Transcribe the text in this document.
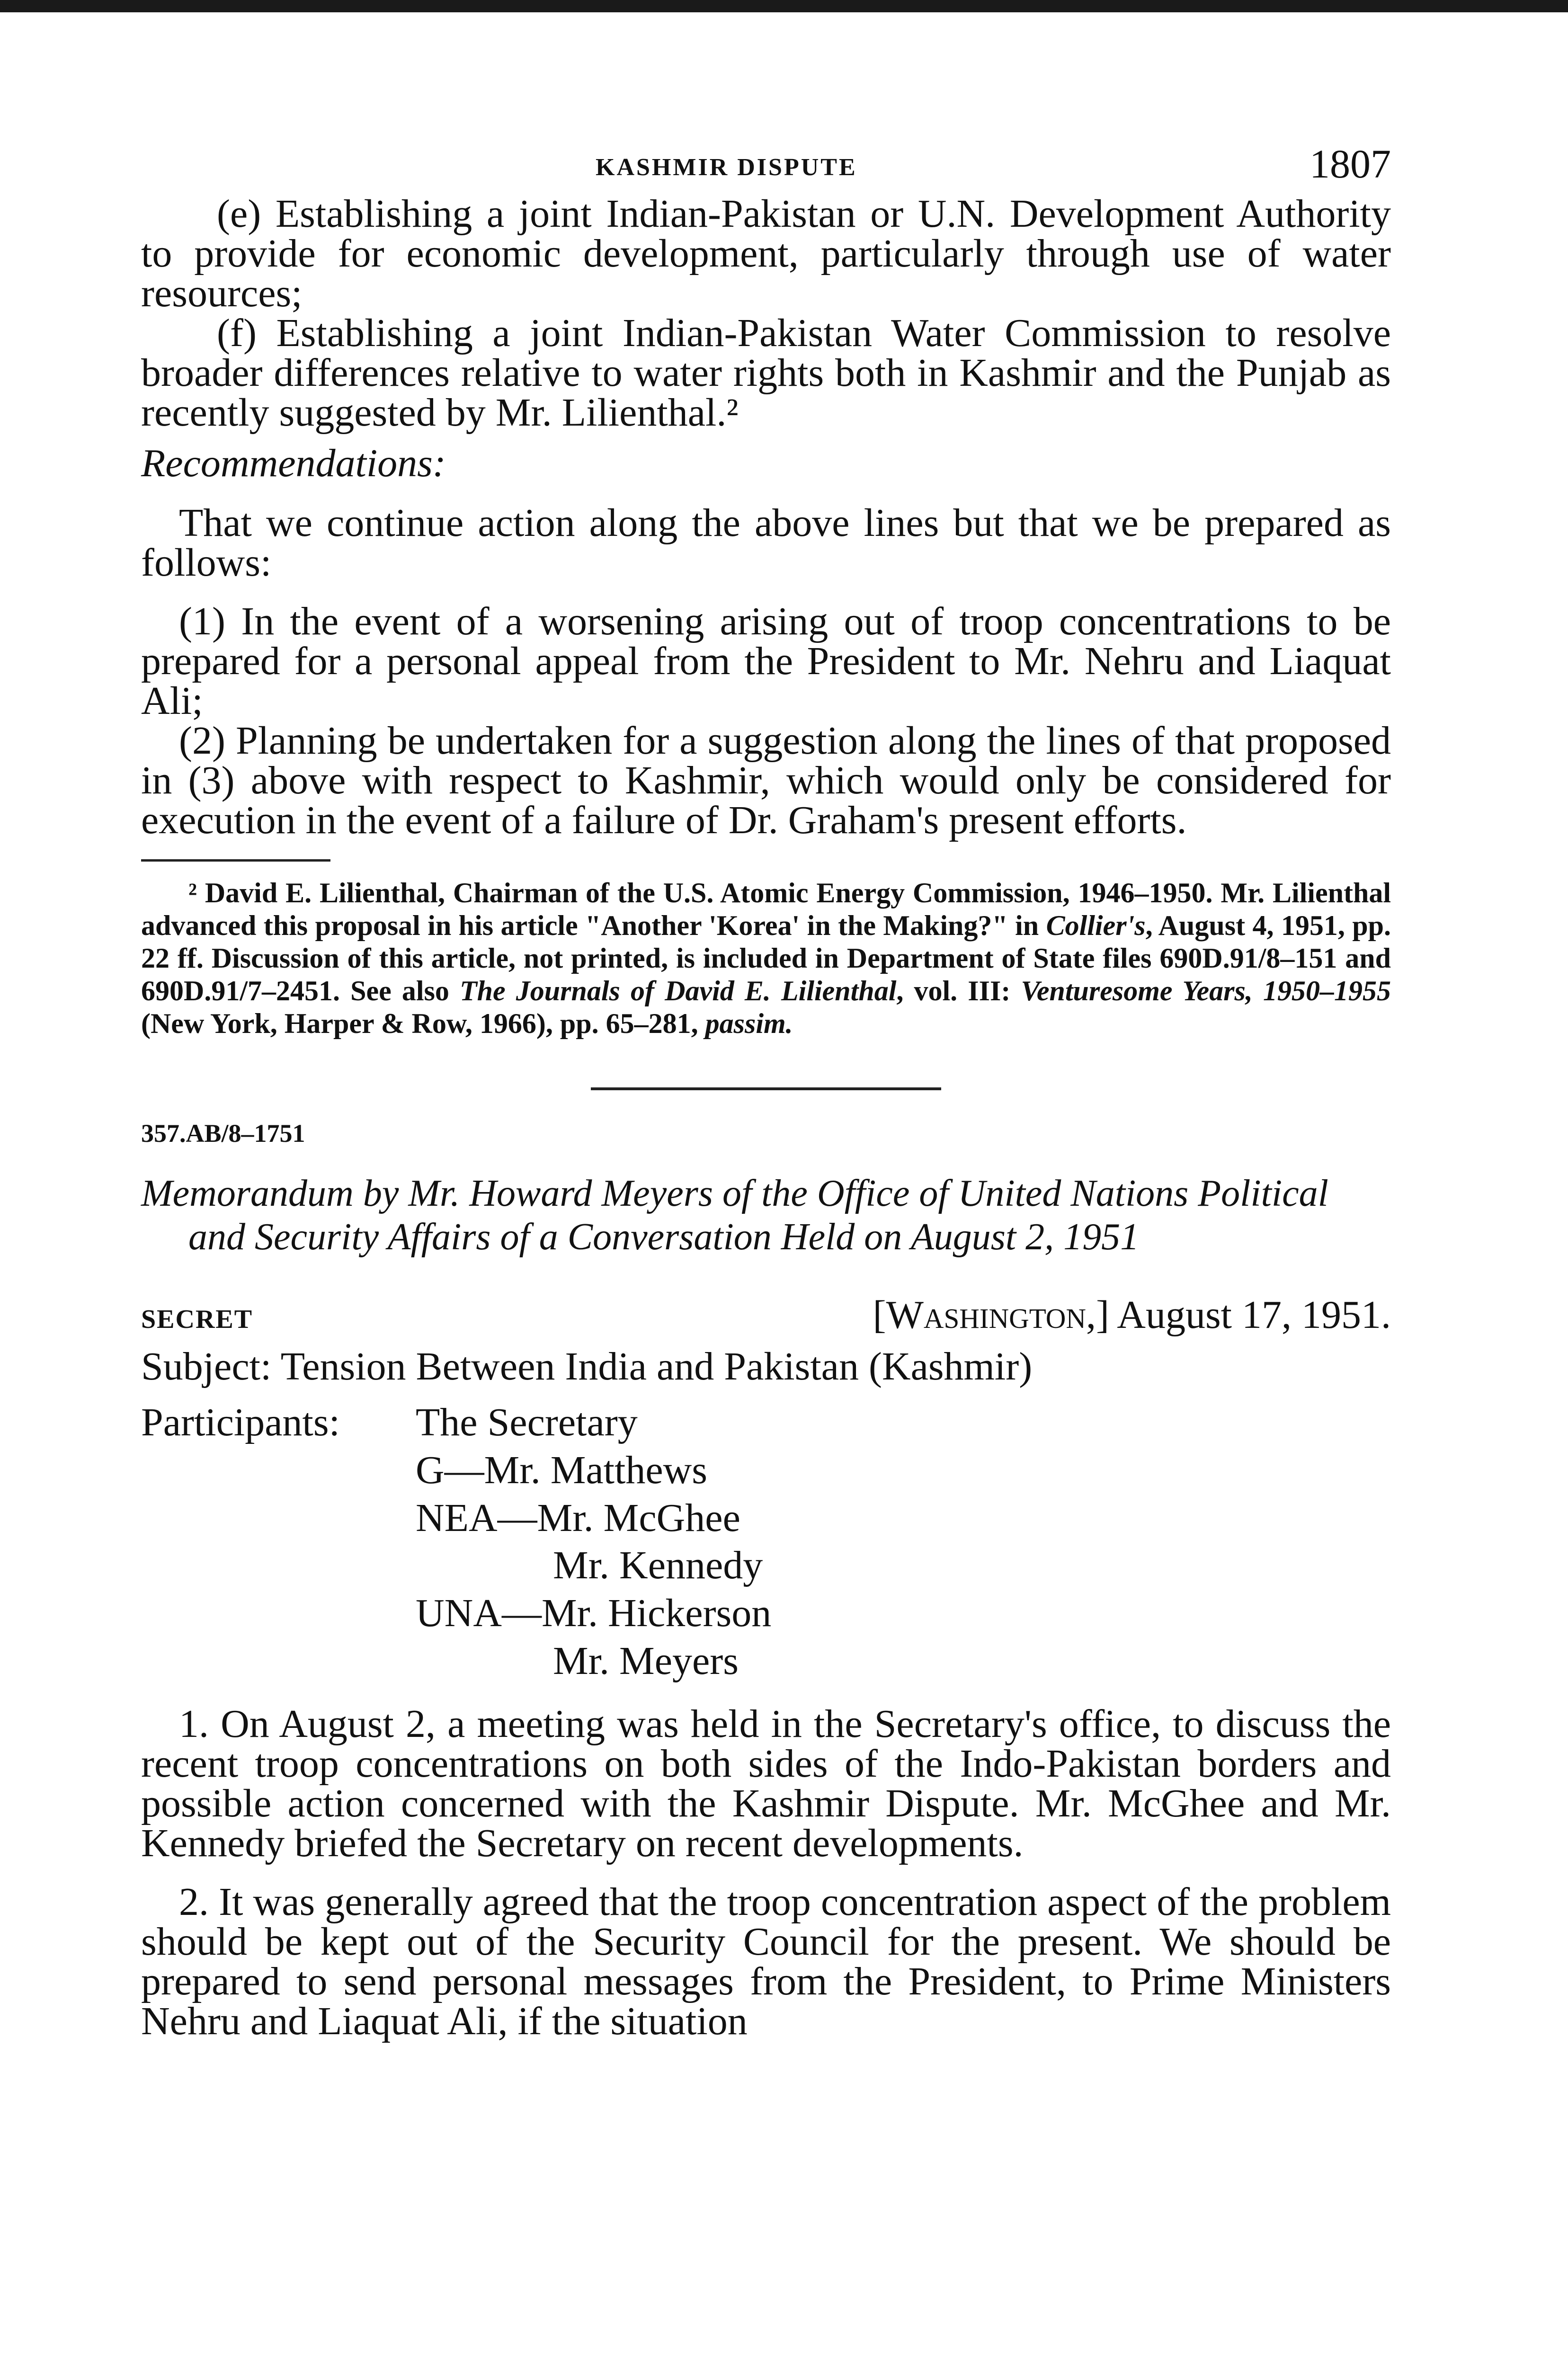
KASHMIR DISPUTE	1807

(e) Establishing a joint Indian-Pakistan or U.N. Development Authority to provide for economic development, particularly through use of water resources;

(f) Establishing a joint Indian-Pakistan Water Commission to resolve broader differences relative to water rights both in Kashmir and the Punjab as recently suggested by Mr. Lilienthal.²

Recommendations:

That we continue action along the above lines but that we be prepared as follows:

(1) In the event of a worsening arising out of troop concentrations to be prepared for a personal appeal from the President to Mr. Nehru and Liaquat Ali;

(2) Planning be undertaken for a suggestion along the lines of that proposed in (3) above with respect to Kashmir, which would only be considered for execution in the event of a failure of Dr. Graham's present efforts.

² David E. Lilienthal, Chairman of the U.S. Atomic Energy Commission, 1946–1950. Mr. Lilienthal advanced this proposal in his article "Another 'Korea' in the Making?" in Collier's, August 4, 1951, pp. 22 ff. Discussion of this article, not printed, is included in Department of State files 690D.91/8–151 and 690D.91/7–2451. See also The Journals of David E. Lilienthal, vol. III: Venturesome Years, 1950–1955 (New York, Harper & Row, 1966), pp. 65–281, passim.

357.AB/8–1751
Memorandum by Mr. Howard Meyers of the Office of United Nations Political and Security Affairs of a Conversation Held on August 2, 1951
SECRET	[Washington,] August 17, 1951.
Subject: Tension Between India and Pakistan (Kashmir)
Participants:	The Secretary
G—Mr. Matthews
NEA—Mr. McGhee
Mr. Kennedy
UNA—Mr. Hickerson
Mr. Meyers

1. On August 2, a meeting was held in the Secretary's office, to discuss the recent troop concentrations on both sides of the Indo-Pakistan borders and possible action concerned with the Kashmir Dispute. Mr. McGhee and Mr. Kennedy briefed the Secretary on recent developments.

2. It was generally agreed that the troop concentration aspect of the problem should be kept out of the Security Council for the present. We should be prepared to send personal messages from the President, to Prime Ministers Nehru and Liaquat Ali, if the situation
